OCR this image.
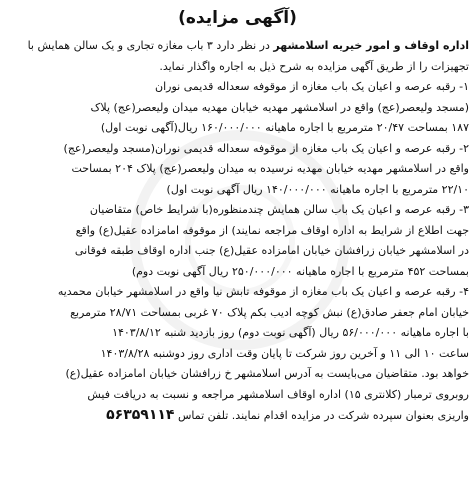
(آگهی مزایده)
اداره اوقاف و امور خیریه اسلامشهر در نظر دارد ۳ باب مغازه تجاری و یک سالن همایش با
تجهیزات را از طریق آگهی مزایده به شرح ذیل به اجاره واگذار نماید.
۱- رقبه عرصه و اعیان یک باب مغازه از موقوفه سعداله قدیمی نوران
(مسجد ولیعصر(عج) واقع در اسلامشهر مهدیه خیابان مهدیه میدان ولیعصر(عج) پلاک
۱۸۷ بمساحت ۲۰/۴۷ مترمربع با اجاره ماهیانه ۱۶۰/۰۰۰/۰۰۰ ریال(آگهی نوبت اول)
۲- رقبه عرصه و اعیان یک باب مغازه از موقوفه سعداله قدیمی نوران(مسجد ولیعصر(عج)
واقع در اسلامشهر مهدیه خیابان مهدیه نرسیده به میدان ولیعصر(عج) پلاک ۲۰۴ بمساحت
۲۲/۱۰ مترمربع با اجاره ماهیانه ۱۴۰/۰۰۰/۰۰۰ ریال آگهی نوبت اول)
۳- رقبه عرصه و اعیان یک باب سالن همایش چندمنظوره(با شرایط خاص) متقاضیان
جهت اطلاع از شرایط به اداره اوقاف مراجعه نمایند) از موقوفه امامزاده عقیل(ع) واقع
در اسلامشهر خیابان زرافشان خیابان امامزاده عقیل(ع) جنب اداره اوقاف طبقه فوقانی
بمساحت ۴۵۲ مترمربع با اجاره ماهیانه ۲۵۰/۰۰۰/۰۰۰ ریال آگهی نوبت دوم)
۴- رقبه عرصه و اعیان یک باب مغازه از موقوفه تابش نیا واقع در اسلامشهر خیابان محمدیه
خیابان امام جعفر صادق(ع) نبش کوچه ادیب بکم پلاک ۷۰ غربی بمساحت ۲۸/۷۱ مترمربع
با اجاره ماهیانه ۵۶/۰۰۰/۰۰۰ ریال (آگهی نوبت دوم) روز بازدید شنبه ۱۴۰۳/۸/۱۲
ساعت ۱۰ الی ۱۱ و آخرین روز شرکت تا پایان وقت اداری روز دوشنبه ۱۴۰۳/۸/۲۸
خواهد بود. متقاضیان می‌بایست به آدرس اسلامشهر خ زرافشان خیابان امامزاده عقیل(ع)
روبروی ترمبار (کلانتری ۱۵) اداره اوقاف اسلامشهر مراجعه و نسبت به دریافت فیش
واریزی بعنوان سپرده شرکت در مزایده اقدام نمایند. تلفن تماس ۵۶۳۵۹۱۱۴
